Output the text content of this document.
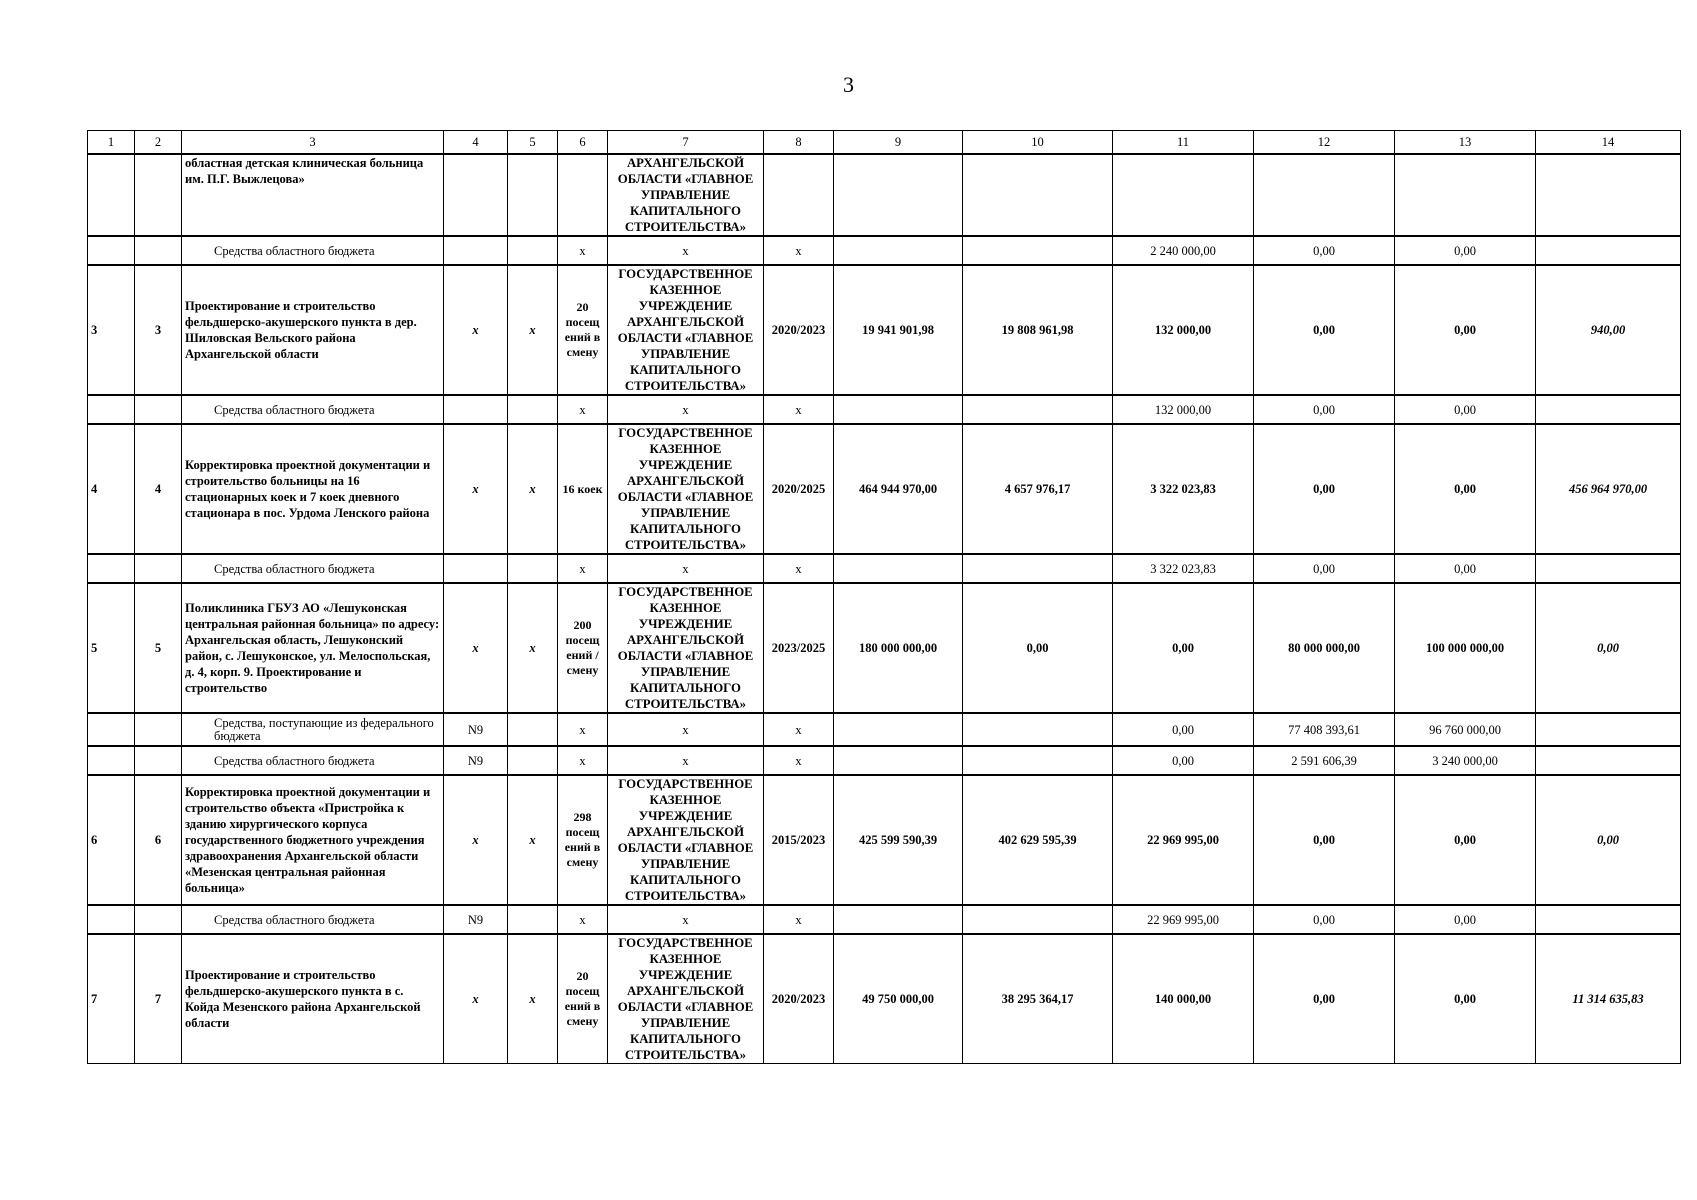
3
1	2	3	4	5	6	7	8	9	10	11	12	13	14
		областная детская клиническая больница им. П.Г. Выжлецова»				АРХАНГЕЛЬСКОЙ ОБЛАСТИ «ГЛАВНОЕ УПРАВЛЕНИЕ КАПИТАЛЬНОГО СТРОИТЕЛЬСТВА»							
		Средства областного бюджета			x	x	x			2 240 000,00	0,00	0,00	
3	3	Проектирование и строительство фельдшерско-акушерского пункта в дер. Шиловская Вельского района Архангельской области	x	x	20 посещ ений в смену	ГОСУДАРСТВЕННОЕ КАЗЕННОЕ УЧРЕЖДЕНИЕ АРХАНГЕЛЬСКОЙ ОБЛАСТИ «ГЛАВНОЕ УПРАВЛЕНИЕ КАПИТАЛЬНОГО СТРОИТЕЛЬСТВА»	2020/2023	19 941 901,98	19 808 961,98	132 000,00	0,00	0,00	940,00
		Средства областного бюджета			x	x	x			132 000,00	0,00	0,00	
4	4	Корректировка проектной документации и строительство больницы на 16 стационарных коек и 7 коек дневного стационара в пос. Урдома Ленского района	x	x	16 коек	ГОСУДАРСТВЕННОЕ КАЗЕННОЕ УЧРЕЖДЕНИЕ АРХАНГЕЛЬСКОЙ ОБЛАСТИ «ГЛАВНОЕ УПРАВЛЕНИЕ КАПИТАЛЬНОГО СТРОИТЕЛЬСТВА»	2020/2025	464 944 970,00	4 657 976,17	3 322 023,83	0,00	0,00	456 964 970,00
		Средства областного бюджета			x	x	x			3 322 023,83	0,00	0,00	
5	5	Поликлиника ГБУЗ АО «Лешуконская центральная районная больница» по адресу: Архангельская область, Лешуконский район, с. Лешуконское, ул. Мелоспольская, д. 4, корп. 9. Проектирование и строительство	x	x	200 посещ ений / смену	ГОСУДАРСТВЕННОЕ КАЗЕННОЕ УЧРЕЖДЕНИЕ АРХАНГЕЛЬСКОЙ ОБЛАСТИ «ГЛАВНОЕ УПРАВЛЕНИЕ КАПИТАЛЬНОГО СТРОИТЕЛЬСТВА»	2023/2025	180 000 000,00	0,00	0,00	80 000 000,00	100 000 000,00	0,00
		Средства, поступающие из федерального бюджета	N9		x	x	x			0,00	77 408 393,61	96 760 000,00	
		Средства областного бюджета	N9		x	x	x			0,00	2 591 606,39	3 240 000,00	
6	6	Корректировка проектной документации и строительство объекта «Пристройка к зданию хирургического корпуса государственного бюджетного учреждения здравоохранения Архангельской области «Мезенская центральная районная больница»	x	x	298 посещ ений в смену	ГОСУДАРСТВЕННОЕ КАЗЕННОЕ УЧРЕЖДЕНИЕ АРХАНГЕЛЬСКОЙ ОБЛАСТИ «ГЛАВНОЕ УПРАВЛЕНИЕ КАПИТАЛЬНОГО СТРОИТЕЛЬСТВА»	2015/2023	425 599 590,39	402 629 595,39	22 969 995,00	0,00	0,00	0,00
		Средства областного бюджета	N9		x	x	x			22 969 995,00	0,00	0,00	
7	7	Проектирование и строительство фельдшерско-акушерского пункта в с. Койда Мезенского района Архангельской области	x	x	20 посещ ений в смену	ГОСУДАРСТВЕННОЕ КАЗЕННОЕ УЧРЕЖДЕНИЕ АРХАНГЕЛЬСКОЙ ОБЛАСТИ «ГЛАВНОЕ УПРАВЛЕНИЕ КАПИТАЛЬНОГО СТРОИТЕЛЬСТВА»	2020/2023	49 750 000,00	38 295 364,17	140 000,00	0,00	0,00	11 314 635,83
